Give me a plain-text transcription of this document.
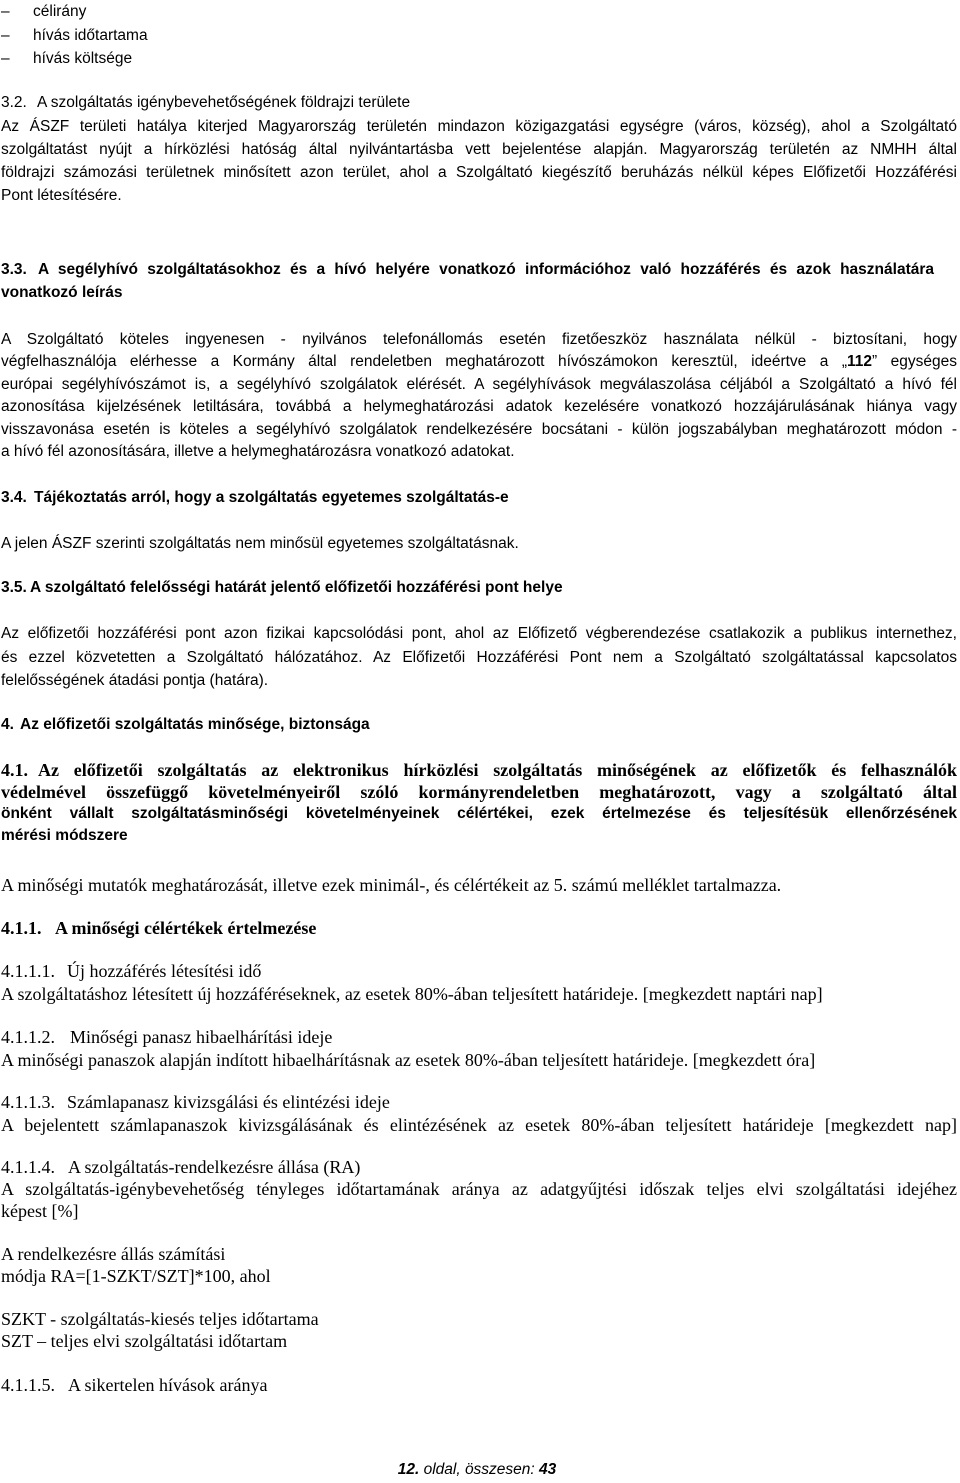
– célirány
– hívás időtartama
– hívás költsége
3.2. A szolgáltatás igénybevehetőségének földrajzi területe
Az ÁSZF területi hatálya kiterjed Magyarország területén mindazon közigazgatási egységre (város, község), ahol a Szolgáltató
szolgáltatást nyújt a hírközlési hatóság által nyilvántartásba vett bejelentése alapján. Magyarország területén az NMHH által
földrajzi számozási területnek minősített azon terület, ahol a Szolgáltató kiegészítő beruházás nélkül képes Előfizetői Hozzáférési
Pont létesítésére.
3.3. A segélyhívó szolgáltatásokhoz és a hívó helyére vonatkozó információhoz való hozzáférés és azok használatára
vonatkozó leírás
A Szolgáltató köteles ingyenesen - nyilvános telefonállomás esetén fizetőeszköz használata nélkül - biztosítani, hogy
végfelhasználója elérhesse a Kormány által rendeletben meghatározott hívószámokon keresztül, ideértve a „112” egységes
európai segélyhívószámot is, a segélyhívó szolgálatok elérését. A segélyhívások megválaszolása céljából a Szolgáltató a hívó fél
azonosítása kijelzésének letiltására, továbbá a helymeghatározási adatok kezelésére vonatkozó hozzájárulásának hiánya vagy
visszavonása esetén is köteles a segélyhívó szolgálatok rendelkezésére bocsátani - külön jogszabályban meghatározott módon -
a hívó fél azonosítására, illetve a helymeghatározásra vonatkozó adatokat.
3.4. Tájékoztatás arról, hogy a szolgáltatás egyetemes szolgáltatás-e
A jelen ÁSZF szerinti szolgáltatás nem minősül egyetemes szolgáltatásnak.
3.5. A szolgáltató felelősségi határát jelentő előfizetői hozzáférési pont helye
Az előfizetői hozzáférési pont azon fizikai kapcsolódási pont, ahol az Előfizető végberendezése csatlakozik a publikus internethez,
és ezzel közvetetten a Szolgáltató hálózatához. Az Előfizetői Hozzáférési Pont nem a Szolgáltató szolgáltatással kapcsolatos
felelősségének átadási pontja (határa).
4. Az előfizetői szolgáltatás minősége, biztonsága
4.1. Az előfizetői szolgáltatás az elektronikus hírközlési szolgáltatás minőségének az előfizetők és felhasználók
védelmével összefüggő követelményeiről szóló kormányrendeletben meghatározott, vagy a szolgáltató által
önként vállalt szolgáltatásminőségi követelményeinek célértékei, ezek értelmezése és teljesítésük ellenőrzésének
mérési módszere
A minőségi mutatók meghatározását, illetve ezek minimál-, és célértékeit az 5. számú melléklet tartalmazza.
4.1.1. A minőségi célértékek értelmezése
4.1.1.1. Új hozzáférés létesítési idő
A szolgáltatáshoz létesített új hozzáféréseknek, az esetek 80%-ában teljesített határideje. [megkezdett naptári nap]
4.1.1.2. Minőségi panasz hibaelhárítási ideje
A minőségi panaszok alapján indított hibaelhárításnak az esetek 80%-ában teljesített határideje. [megkezdett óra]
4.1.1.3. Számlapanasz kivizsgálási és elintézési ideje
A bejelentett számlapanaszok kivizsgálásának és elintézésének az esetek 80%-ában teljesített határideje [megkezdett nap]
4.1.1.4. A szolgáltatás-rendelkezésre állása (RA)
A szolgáltatás-igénybevehetőség tényleges időtartamának aránya az adatgyűjtési időszak teljes elvi szolgáltatási idejéhez
képest [%]
A rendelkezésre állás számítási
módja RA=[1-SZKT/SZT]*100, ahol
SZKT - szolgáltatás-kiesés teljes időtartama
SZT – teljes elvi szolgáltatási időtartam
4.1.1.5. A sikertelen hívások aránya
12. oldal, összesen: 43
